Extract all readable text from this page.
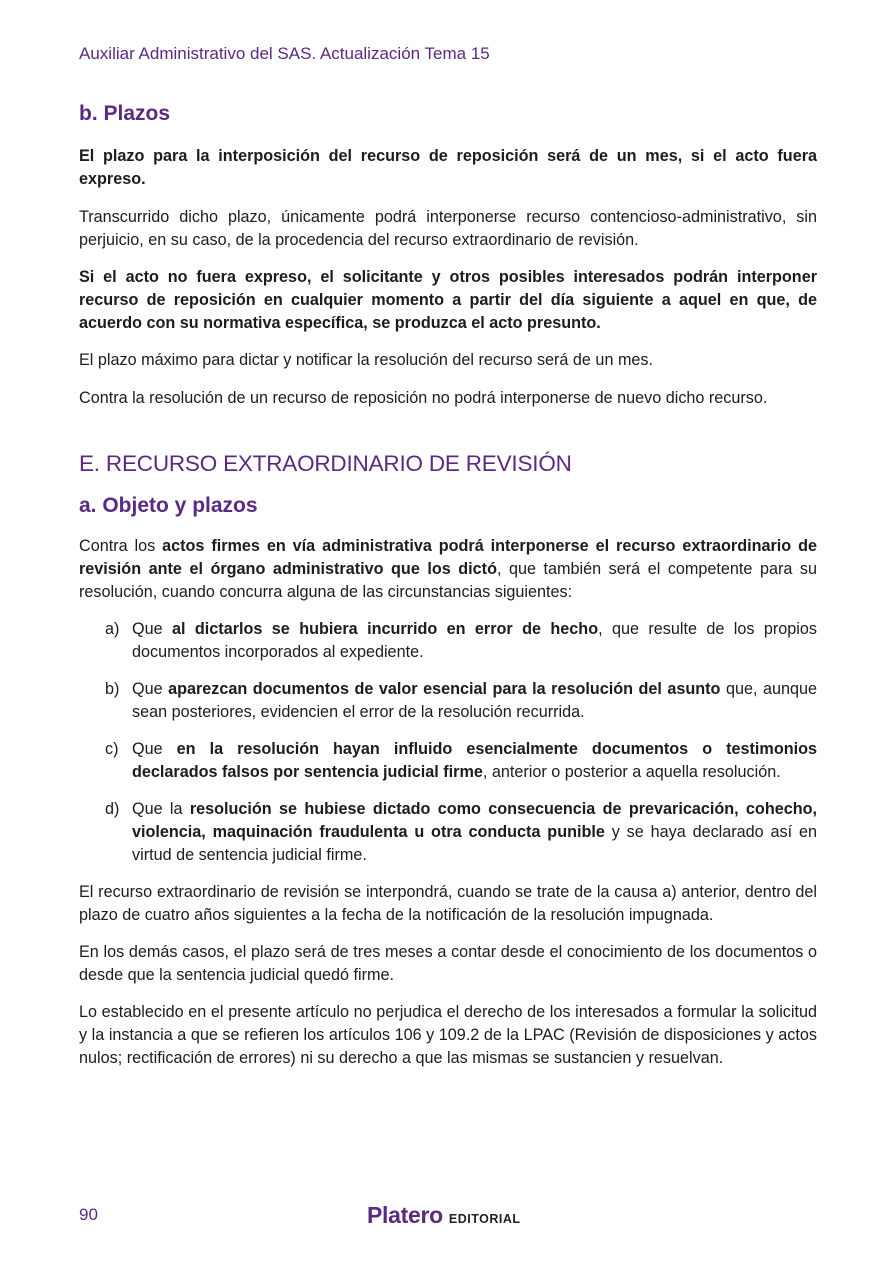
Auxiliar Administrativo del SAS. Actualización Tema 15
b. Plazos

El plazo para la interposición del recurso de reposición será de un mes, si el acto fuera expreso.

Transcurrido dicho plazo, únicamente podrá interponerse recurso contencioso-administrativo, sin perjuicio, en su caso, de la procedencia del recurso extraordinario de revisión.

Si el acto no fuera expreso, el solicitante y otros posibles interesados podrán interponer recurso de reposición en cualquier momento a partir del día siguiente a aquel en que, de acuerdo con su normativa específica, se produzca el acto presunto.

El plazo máximo para dictar y notificar la resolución del recurso será de un mes.

Contra la resolución de un recurso de reposición no podrá interponerse de nuevo dicho recurso.

E. RECURSO EXTRAORDINARIO DE REVISIÓN
a. Objeto y plazos

Contra los actos firmes en vía administrativa podrá interponerse el recurso extraordinario de revisión ante el órgano administrativo que los dictó, que también será el competente para su resolución, cuando concurra alguna de las circunstancias siguientes:

a) Que al dictarlos se hubiera incurrido en error de hecho, que resulte de los propios documentos incorporados al expediente.
b) Que aparezcan documentos de valor esencial para la resolución del asunto que, aunque sean posteriores, evidencien el error de la resolución recurrida.
c) Que en la resolución hayan influido esencialmente documentos o testimonios declarados falsos por sentencia judicial firme, anterior o posterior a aquella resolución.
d) Que la resolución se hubiese dictado como consecuencia de prevaricación, cohecho, violencia, maquinación fraudulenta u otra conducta punible y se haya declarado así en virtud de sentencia judicial firme.

El recurso extraordinario de revisión se interpondrá, cuando se trate de la causa a) anterior, dentro del plazo de cuatro años siguientes a la fecha de la notificación de la resolución impugnada.

En los demás casos, el plazo será de tres meses a contar desde el conocimiento de los documentos o desde que la sentencia judicial quedó firme.

Lo establecido en el presente artículo no perjudica el derecho de los interesados a formular la solicitud y la instancia a que se refieren los artículos 106 y 109.2 de la LPAC (Revisión de disposiciones y actos nulos; rectificación de errores) ni su derecho a que las mismas se sustancien y resuelvan.

90	Platero EDITORIAL
